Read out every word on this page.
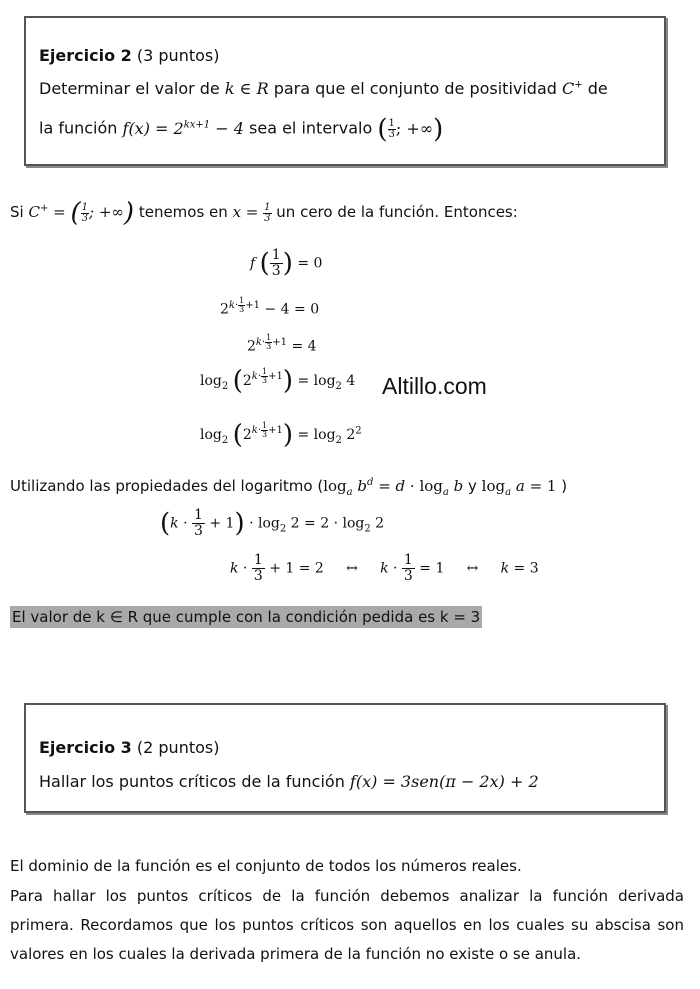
Ejercicio 2 (3 puntos)
Determinar el valor de k ∈ R para que el conjunto de positividad C+ de
la función $f(x) = 2^{kx+1} - 4$ sea el intervalo ( $\frac{1}{3}$ ; +∞)
Si C+ = ( $\frac{1}{3}$ ; +∞) tenemos en $x = \frac{1}{3}$ un cero de la función. Entonces:
f ( $\frac{1}{3}$ ) = 0
$2^{k\cdot \frac{1}{3} +1} - 4 = 0$
$2^{k\cdot \frac{1}{3} +1} = 4$
$\log_2 (2^{k\cdot \frac{1}{3} +1}) = \log_2 4$ Altillo.com
$\log_2 (2^{k\cdot \frac{1}{3} +1}) = \log_2 2^2$
Utilizando las propiedades del logaritmo ($\log_a$ $b^d = d \cdot \log_a b$ y $\log_a a = 1$ )
$(k \cdot \frac{1}{3} + 1) \cdot \log_2 2 = 2 \cdot \log_2 2$
$k \cdot \frac{1}{3} + 1 = 2$     ↔     $k \cdot \frac{1}{3} = 1$     ↔     k = 3
El valor de k ∈ R que cumple con la condición pedida es k = 3
Ejercicio 3 (2 puntos)
Hallar los puntos críticos de la función f(x) = 3sen(π − 2x) + 2
El dominio de la función es el conjunto de todos los números reales.
Para hallar los puntos críticos de la función debemos analizar la función derivada primera. Recordamos que los puntos críticos son aquellos en los cuales su abscisa son valores en los cuales la derivada primera de la función no existe o se anula.
